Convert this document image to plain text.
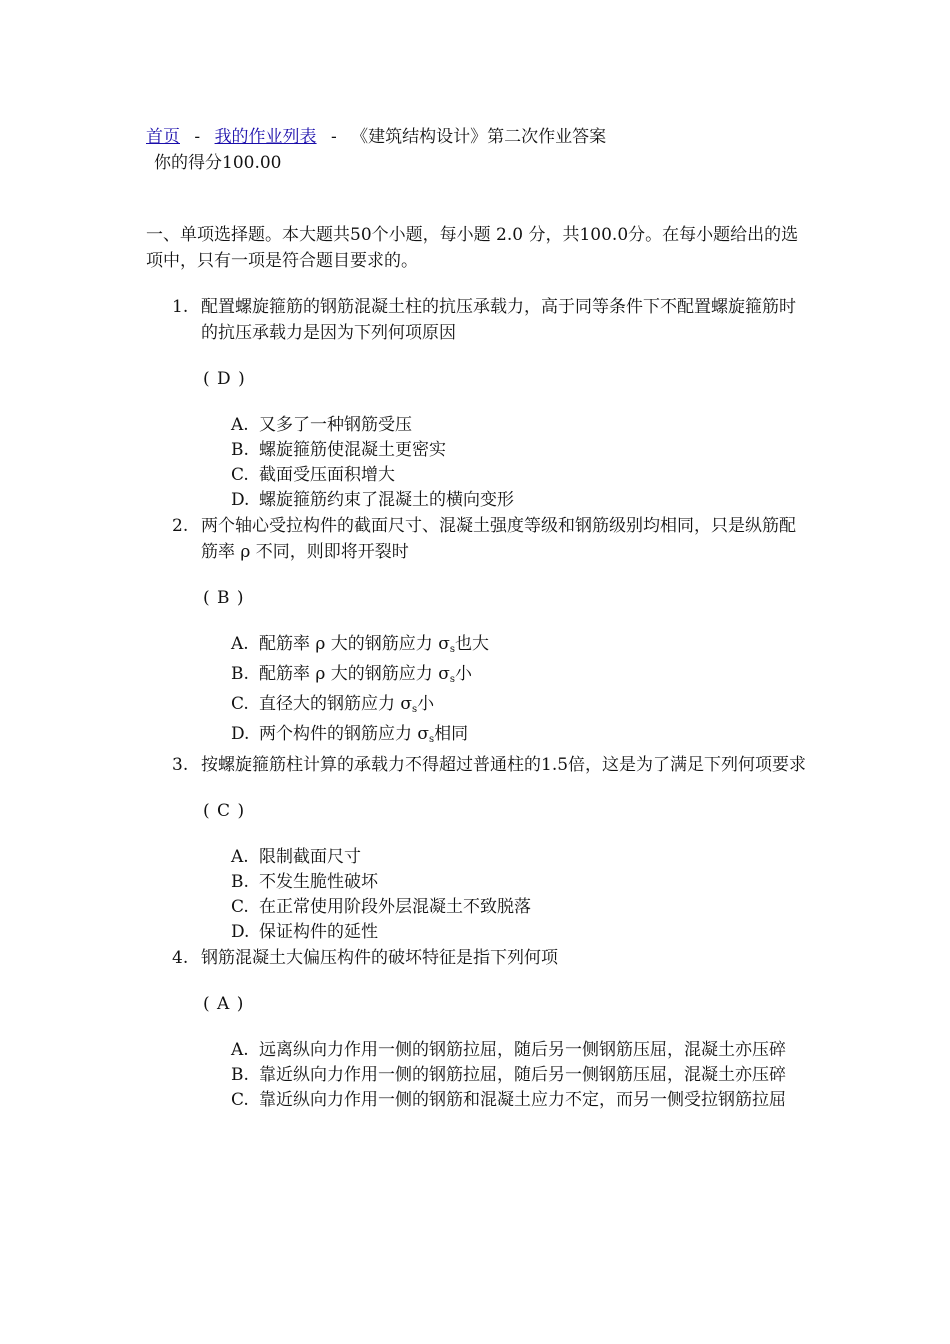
首页 - 我的作业列表 - 《建筑结构设计》第二次作业答案
你的得分100.00
一、单项选择题。本大题共50个小题，每小题 2.0 分，共100.0分。在每小题给出的选项中，只有一项是符合题目要求的。
1. 配置螺旋箍筋的钢筋混凝土柱的抗压承载力，高于同等条件下不配置螺旋箍筋时的抗压承载力是因为下列何项原因
( D )
A. 又多了一种钢筋受压
B. 螺旋箍筋使混凝土更密实
C. 截面受压面积增大
D. 螺旋箍筋约束了混凝土的横向变形
2. 两个轴心受拉构件的截面尺寸、混凝土强度等级和钢筋级别均相同，只是纵筋配筋率 ρ 不同，则即将开裂时
( B )
A. 配筋率 ρ 大的钢筋应力 $\sigma_s$也大
B. 配筋率 ρ 大的钢筋应力 $\sigma_s$小
C. 直径大的钢筋应力 $\sigma_s$小
D. 两个构件的钢筋应力 $\sigma_s$相同
3. 按螺旋箍筋柱计算的承载力不得超过普通柱的1.5倍，这是为了满足下列何项要求
( C )
A. 限制截面尺寸
B. 不发生脆性破坏
C. 在正常使用阶段外层混凝土不致脱落
D. 保证构件的延性
4. 钢筋混凝土大偏压构件的破坏特征是指下列何项
( A )
A. 远离纵向力作用一侧的钢筋拉屈，随后另一侧钢筋压屈，混凝土亦压碎
B. 靠近纵向力作用一侧的钢筋拉屈，随后另一侧钢筋压屈，混凝土亦压碎
C. 靠近纵向力作用一侧的钢筋和混凝土应力不定，而另一侧受拉钢筋拉屈
